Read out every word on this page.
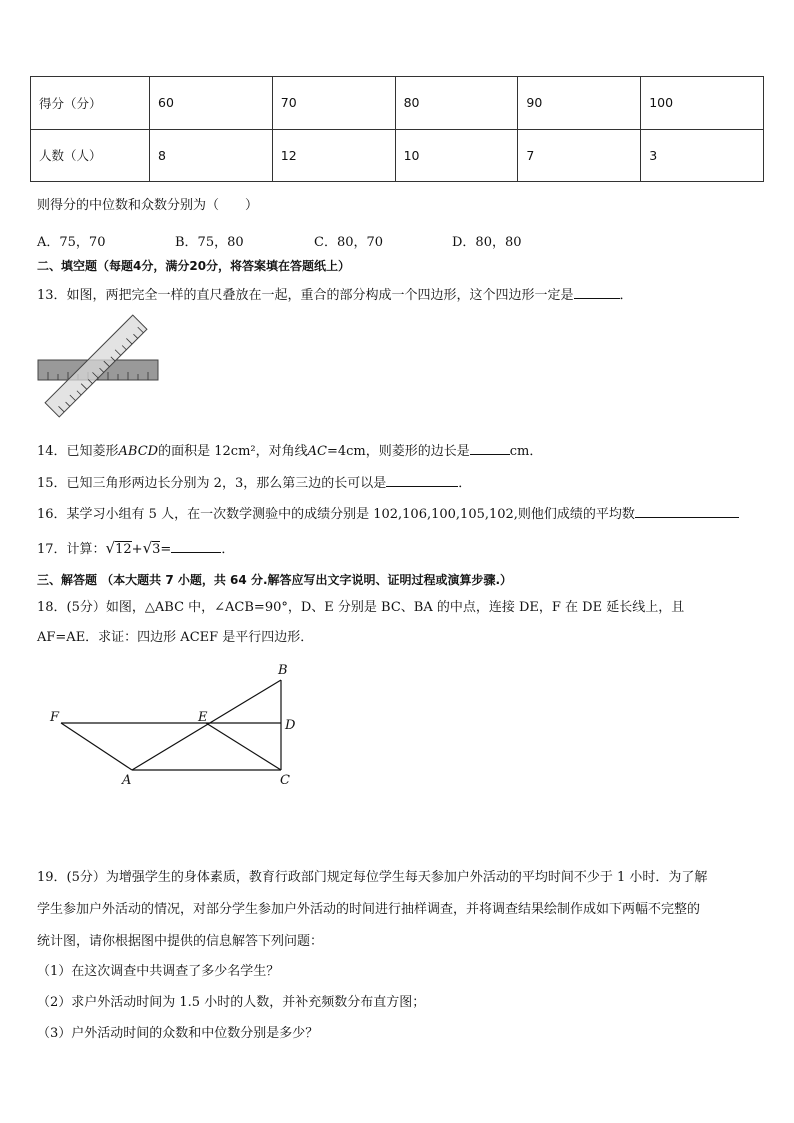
得分（分）	60	70	80	90	100
人数（人）	8	12	10	7	3
则得分的中位数和众数分别为（　　）
A．75，70	B．75，80	C．80，70	D．80，80
二、填空题（每题4分，满分20分，将答案填在答题纸上）
13．如图，两把完全一样的直尺叠放在一起，重合的部分构成一个四边形，这个四边形一定是	．
14．已知菱形ABCD的面积是 12cm²，对角线AC=4cm，则菱形的边长是	cm．
15．已知三角形两边长分别为 2，3，那么第三边的长可以是	．
16．某学习小组有 5 人，在一次数学测验中的成绩分别是 102,106,100,105,102,则他们成绩的平均数
17．计算：√12+√3=	．
三、解答题 （本大题共 7 小题，共 64 分.解答应写出文字说明、证明过程或演算步骤.）
18．(5分）如图，△ABC 中，∠ACB=90°，D、E 分别是 BC、BA 的中点，连接 DE，F 在 DE 延长线上，且
AF=AE．求证：四边形 ACEF 是平行四边形．
B
F	E
D
A	C
19．(5分）为增强学生的身体素质，教育行政部门规定每位学生每天参加户外活动的平均时间不少于 1 小时．为了解
学生参加户外活动的情况，对部分学生参加户外活动的时间进行抽样调查，并将调查结果绘制作成如下两幅不完整的
统计图，请你根据图中提供的信息解答下列问题：
（1）在这次调查中共调查了多少名学生？
（2）求户外活动时间为 1.5 小时的人数，并补充频数分布直方图；
（3）户外活动时间的众数和中位数分别是多少？
